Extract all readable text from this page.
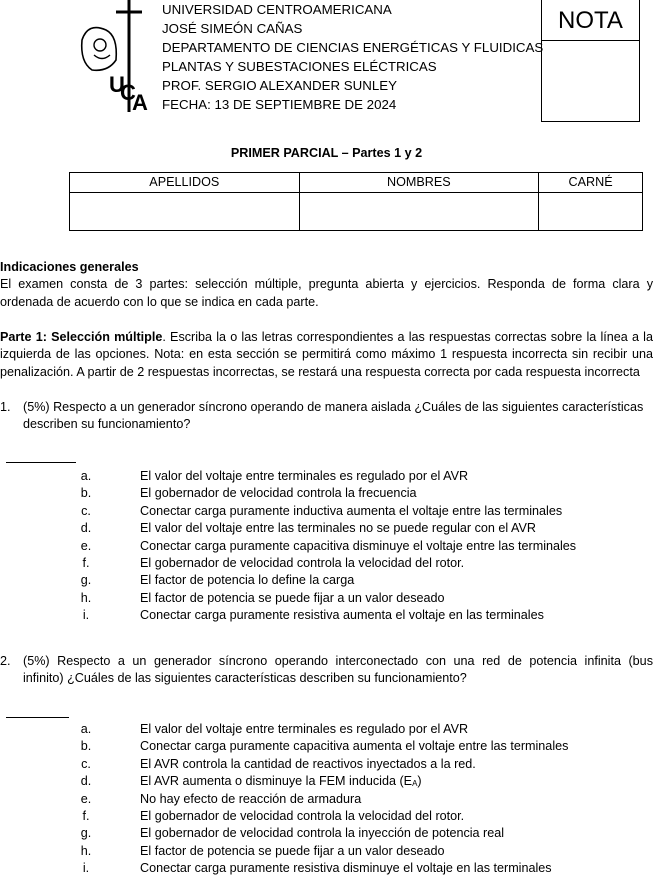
U
C
A
UNIVERSIDAD CENTROAMERICANA
JOSÉ SIMEÓN CAÑAS
DEPARTAMENTO DE CIENCIAS ENERGÉTICAS Y FLUIDICAS
PLANTAS Y SUBESTACIONES ELÉCTRICAS
PROF. SERGIO ALEXANDER SUNLEY
FECHA: 13 DE SEPTIEMBRE DE 2024
NOTA
PRIMER PARCIAL – Partes 1 y 2
APELLIDOS	NOMBRES	CARNÉ

Indicaciones generales
El examen consta de 3 partes: selección múltiple, pregunta abierta y ejercicios. Responda de forma clara y
ordenada de acuerdo con lo que se indica en cada parte.
Parte 1: Selección múltiple. Escriba la o las letras correspondientes a las respuestas correctas sobre la línea a la
izquierda de las opciones. Nota: en esta sección se permitirá como máximo 1 respuesta incorrecta sin recibir una
penalización. A partir de 2 respuestas incorrectas, se restará una respuesta correcta por cada respuesta incorrecta
1. (5%) Respecto a un generador síncrono operando de manera aislada ¿Cuáles de las siguientes características
describen su funcionamiento?
a.	El valor del voltaje entre terminales es regulado por el AVR
b.	El gobernador de velocidad controla la frecuencia
c.	Conectar carga puramente inductiva aumenta el voltaje entre las terminales
d.	El valor del voltaje entre las terminales no se puede regular con el AVR
e.	Conectar carga puramente capacitiva disminuye el voltaje entre las terminales
f.	El gobernador de velocidad controla la velocidad del rotor.
g.	El factor de potencia lo define la carga
h.	El factor de potencia se puede fijar a un valor deseado
i.	Conectar carga puramente resistiva aumenta el voltaje en las terminales
2. (5%) Respecto a un generador síncrono operando interconectado con una red de potencia infinita (bus
infinito) ¿Cuáles de las siguientes características describen su funcionamiento?
a.	El valor del voltaje entre terminales es regulado por el AVR
b.	Conectar carga puramente capacitiva aumenta el voltaje entre las terminales
c.	El AVR controla la cantidad de reactivos inyectados a la red.
d.	El AVR aumenta o disminuye la FEM inducida $(E_A)$
e.	No hay efecto de reacción de armadura
f.	El gobernador de velocidad controla la velocidad del rotor.
g.	El gobernador de velocidad controla la inyección de potencia real
h.	El factor de potencia se puede fijar a un valor deseado
i.	Conectar carga puramente resistiva disminuye el voltaje en las terminales
